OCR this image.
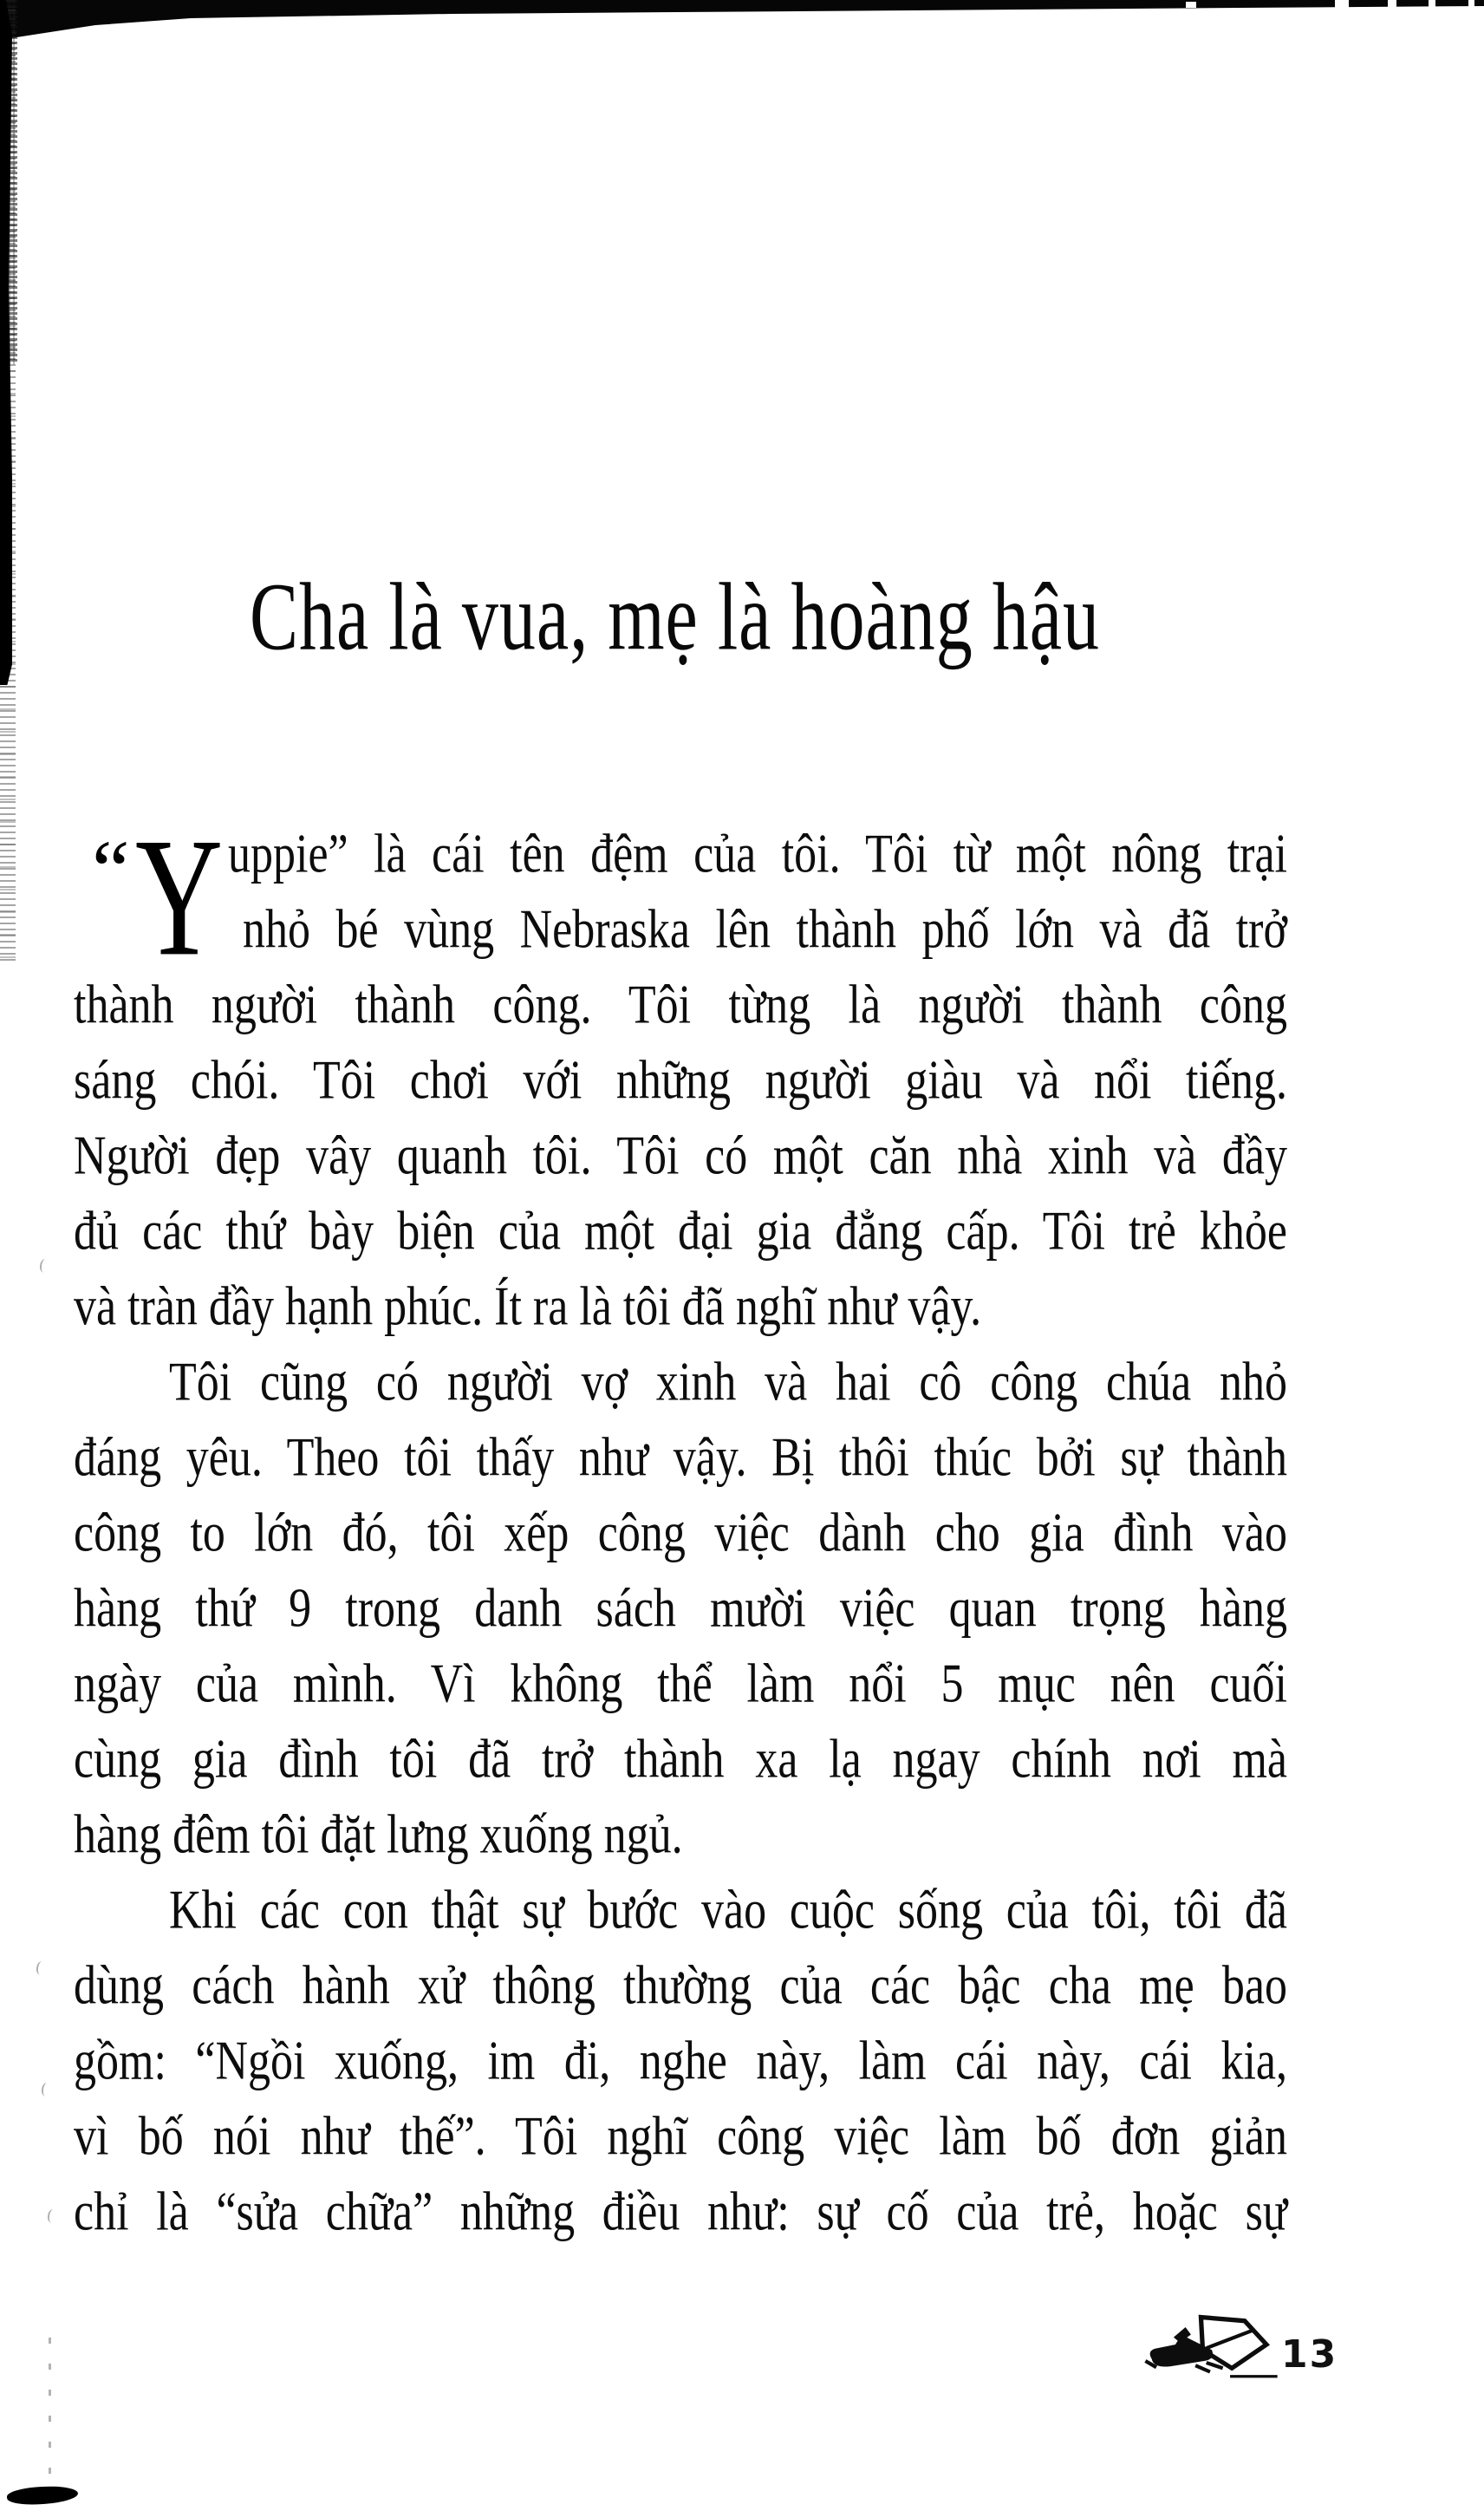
Cha là vua, mẹ là hoàng hậu
“ Y uppie” là cái tên đệm của tôi. Tôi từ một nông trại
nhỏ bé vùng Nebraska lên thành phố lớn và đã trở
thành người thành công. Tôi từng là người thành công
sáng chói. Tôi chơi với những người giàu và nổi tiếng.
Người đẹp vây quanh tôi. Tôi có một căn nhà xinh và đầy
đủ các thứ bày biện của một đại gia đẳng cấp. Tôi trẻ khỏe
và tràn đầy hạnh phúc. Ít ra là tôi đã nghĩ như vậy.
Tôi cũng có người vợ xinh và hai cô công chúa nhỏ
đáng yêu. Theo tôi thấy như vậy. Bị thôi thúc bởi sự thành
công to lớn đó, tôi xếp công việc dành cho gia đình vào
hàng thứ 9 trong danh sách mười việc quan trọng hàng
ngày của mình. Vì không thể làm nổi 5 mục nên cuối
cùng gia đình tôi đã trở thành xa lạ ngay chính nơi mà
hàng đêm tôi đặt lưng xuống ngủ.
Khi các con thật sự bước vào cuộc sống của tôi, tôi đã
dùng cách hành xử thông thường của các bậc cha mẹ bao
gồm: “Ngồi xuống, im đi, nghe này, làm cái này, cái kia,
vì bố nói như thế”. Tôi nghĩ công việc làm bố đơn giản
chỉ là “sửa chữa” những điều như: sự cố của trẻ, hoặc sự
13
